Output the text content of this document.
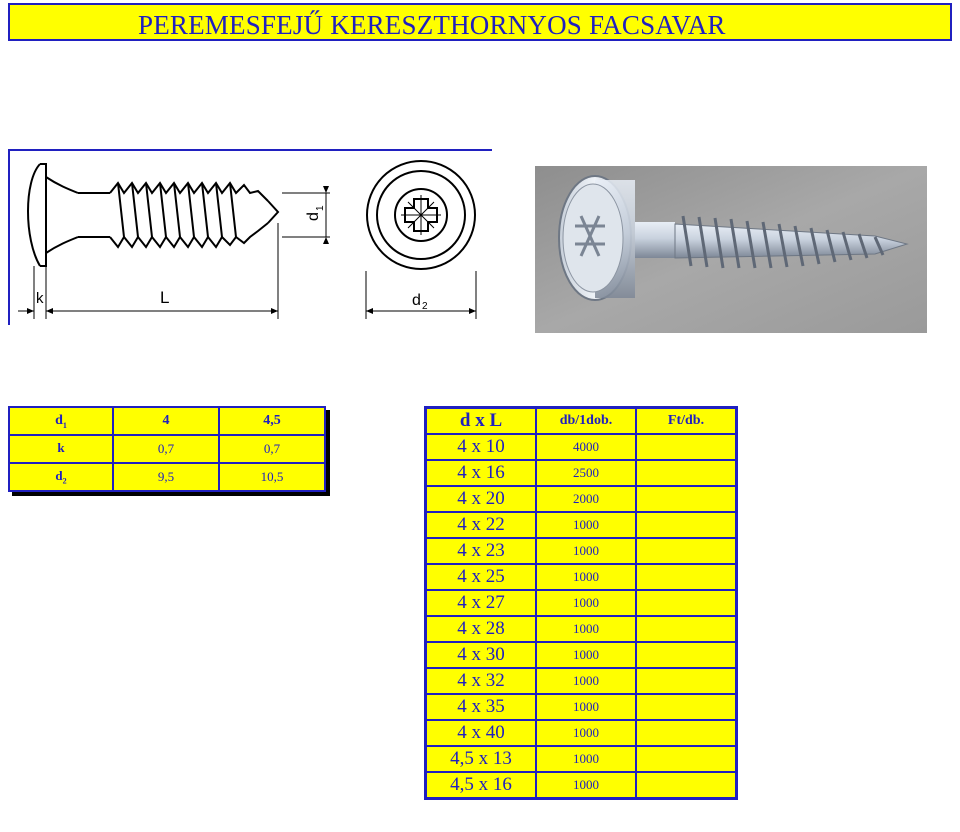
PEREMESFEJŰ KERESZTHORNYOS FACSAVAR
k	L
d
1
d 2
$d_1$	4	4,5
k	0,7	0,7
$d_2$	9,5	10,5
d x L	db/1dob.	Ft/db.
4 x 10	4000	
4 x 16	2500	
4 x 20	2000	
4 x 22	1000	
4 x 23	1000	
4 x 25	1000	
4 x 27	1000	
4 x 28	1000	
4 x 30	1000	
4 x 32	1000	
4 x 35	1000	
4 x 40	1000	
4,5 x 13	1000	
4,5 x 16	1000	
